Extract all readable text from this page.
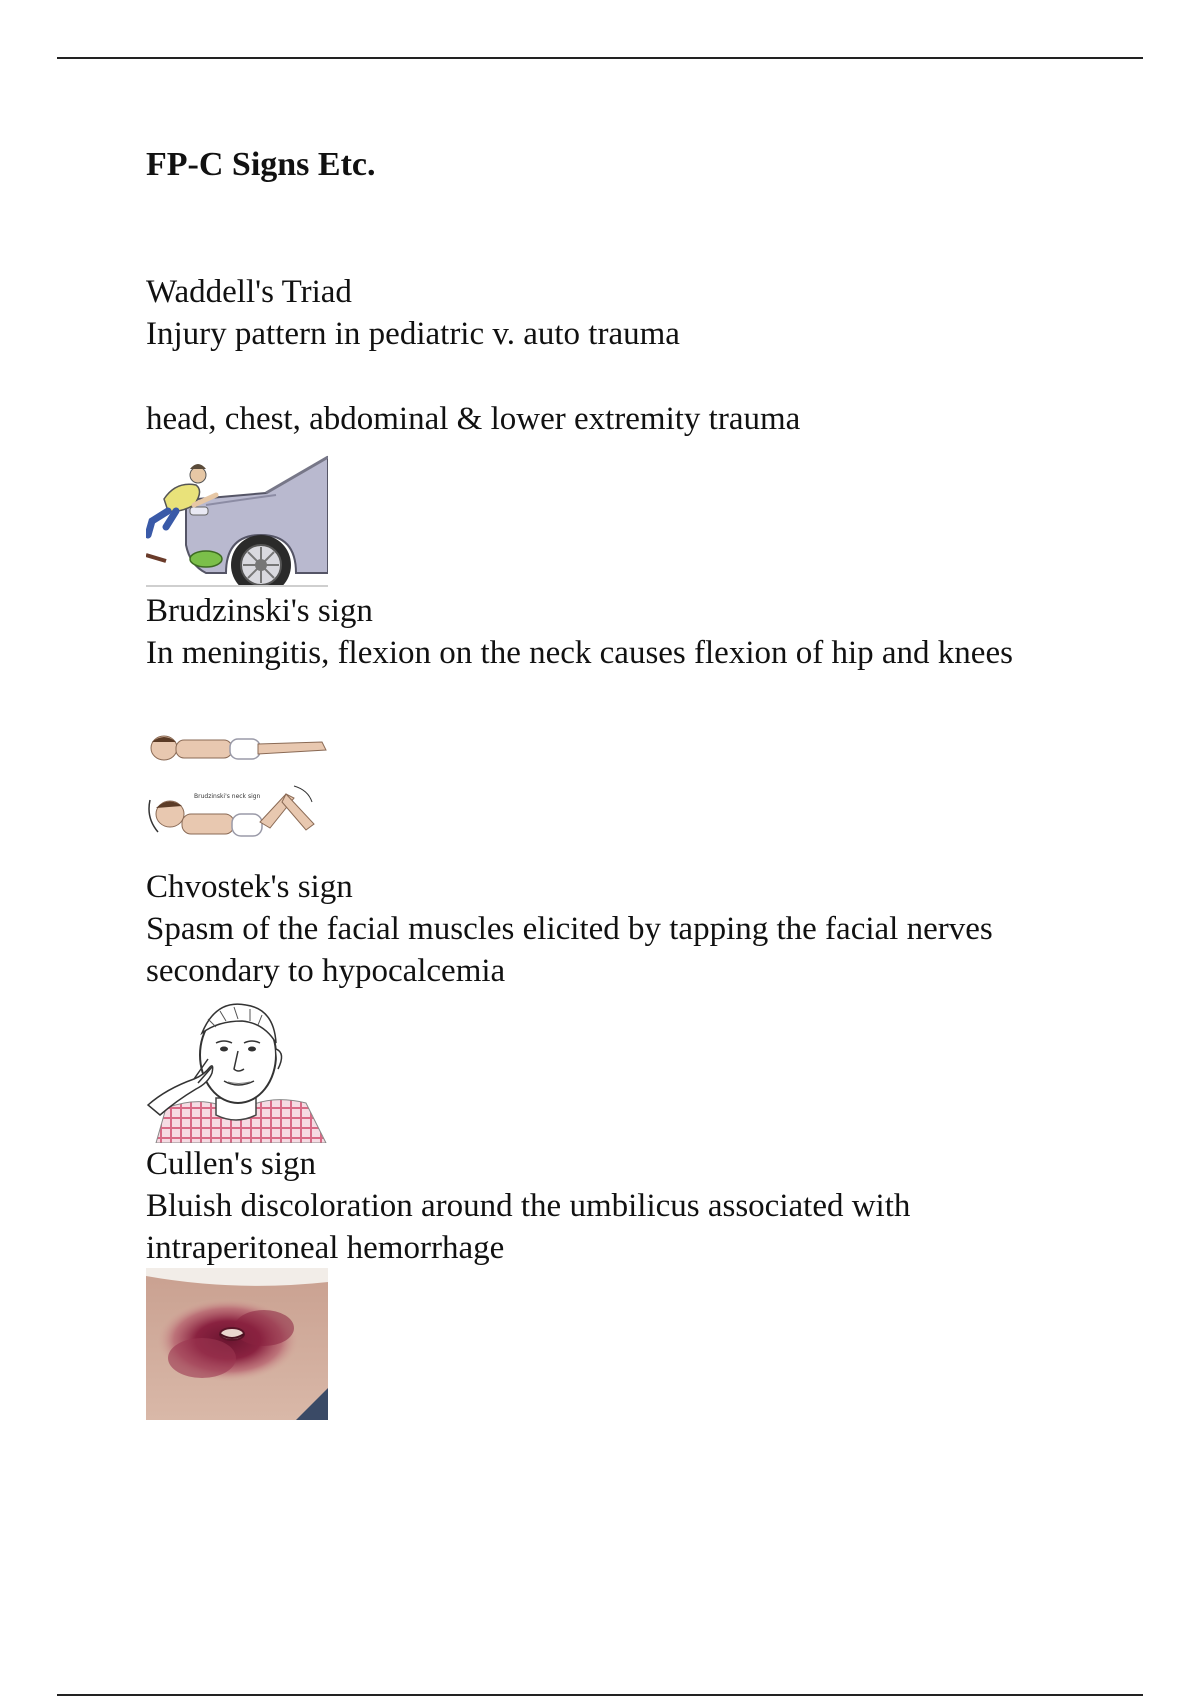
FP-C Signs Etc.

Waddell's Triad

Injury pattern in pediatric v. auto trauma

head, chest, abdominal & lower extremity trauma

Brudzinski's sign

In meningitis, flexion on the neck causes flexion of hip and knees

Brudzinski's neck sign

Chvostek's sign

Spasm of the facial muscles elicited by tapping the facial nerves secondary to hypocalcemia

Cullen's sign

Bluish discoloration around the umbilicus associated with intraperitoneal hemorrhage
